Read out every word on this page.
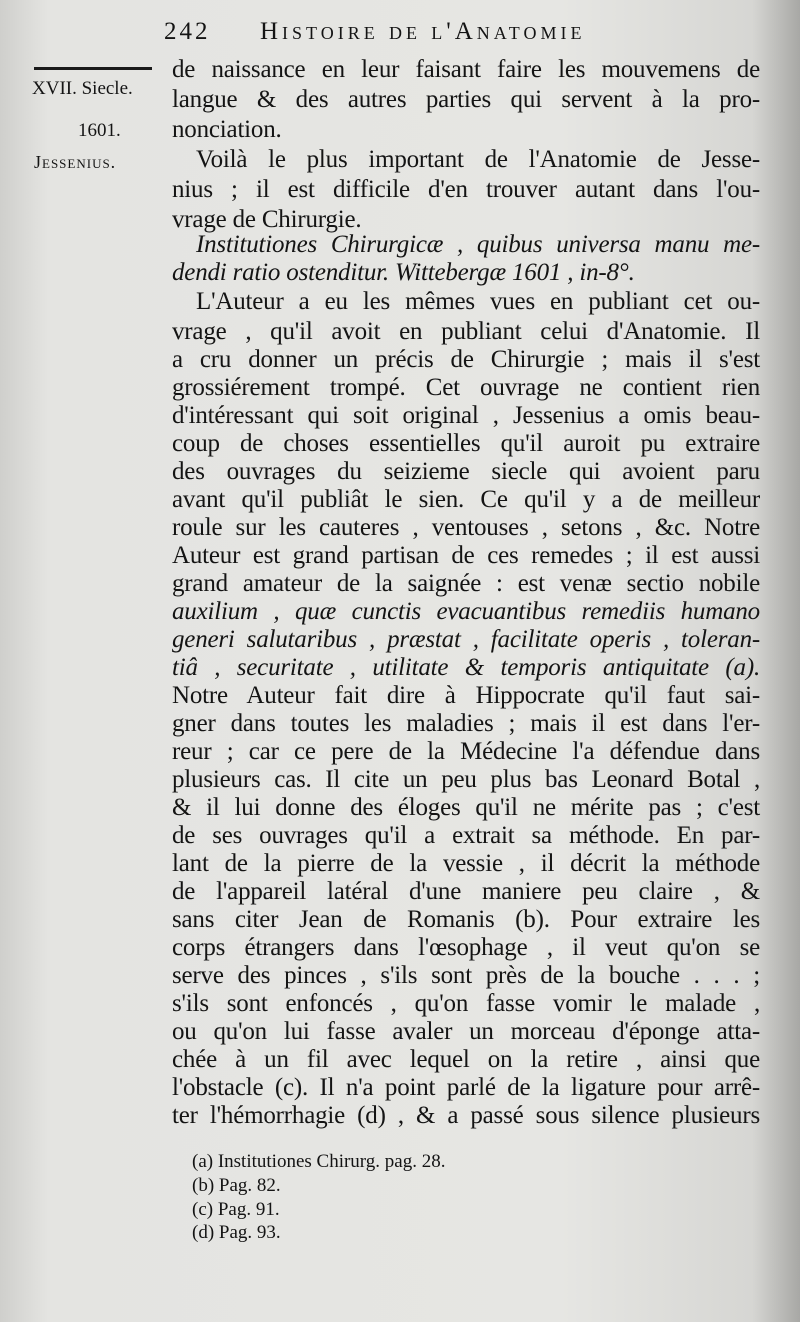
242 Histoire de l'Anatomie
XVII. Siecle.
1601.
Jessenius.
de naissance en leur faisant faire les mouvemens de
langue & des autres parties qui servent à la pro-
nonciation.
Voilà le plus important de l'Anatomie de Jesse-
nius ; il est difficile d'en trouver autant dans l'ou-
vrage de Chirurgie.
Institutiones Chirurgicæ , quibus universa manu me-
dendi ratio ostenditur. Wittebergæ 1601 , in-8°.
L'Auteur a eu les mêmes vues en publiant cet ou-
vrage , qu'il avoit en publiant celui d'Anatomie. Il
a cru donner un précis de Chirurgie ; mais il s'est
grossiérement trompé. Cet ouvrage ne contient rien
d'intéressant qui soit original , Jessenius a omis beau-
coup de choses essentielles qu'il auroit pu extraire
des ouvrages du seizieme siecle qui avoient paru
avant qu'il publiât le sien. Ce qu'il y a de meilleur
roule sur les cauteres , ventouses , setons , &c. Notre
Auteur est grand partisan de ces remedes ; il est aussi
grand amateur de la saignée : est venæ sectio nobile
auxilium , quæ cunctis evacuantibus remediis humano
generi salutaribus , præstat , facilitate operis , toleran-
tiâ , securitate , utilitate & temporis antiquitate (a).
Notre Auteur fait dire à Hippocrate qu'il faut sai-
gner dans toutes les maladies ; mais il est dans l'er-
reur ; car ce pere de la Médecine l'a défendue dans
plusieurs cas. Il cite un peu plus bas Leonard Botal ,
& il lui donne des éloges qu'il ne mérite pas ; c'est
de ses ouvrages qu'il a extrait sa méthode. En par-
lant de la pierre de la vessie , il décrit la méthode
de l'appareil latéral d'une maniere peu claire , &
sans citer Jean de Romanis (b). Pour extraire les
corps étrangers dans l'œsophage , il veut qu'on se
serve des pinces , s'ils sont près de la bouche . . . ;
s'ils sont enfoncés , qu'on fasse vomir le malade ,
ou qu'on lui fasse avaler un morceau d'éponge atta-
chée à un fil avec lequel on la retire , ainsi que
l'obstacle (c). Il n'a point parlé de la ligature pour arrê-
ter l'hémorrhagie (d) , & a passé sous silence plusieurs
(a) Institutiones Chirurg. pag. 28.
(b) Pag. 82.
(c) Pag. 91.
(d) Pag. 93.
